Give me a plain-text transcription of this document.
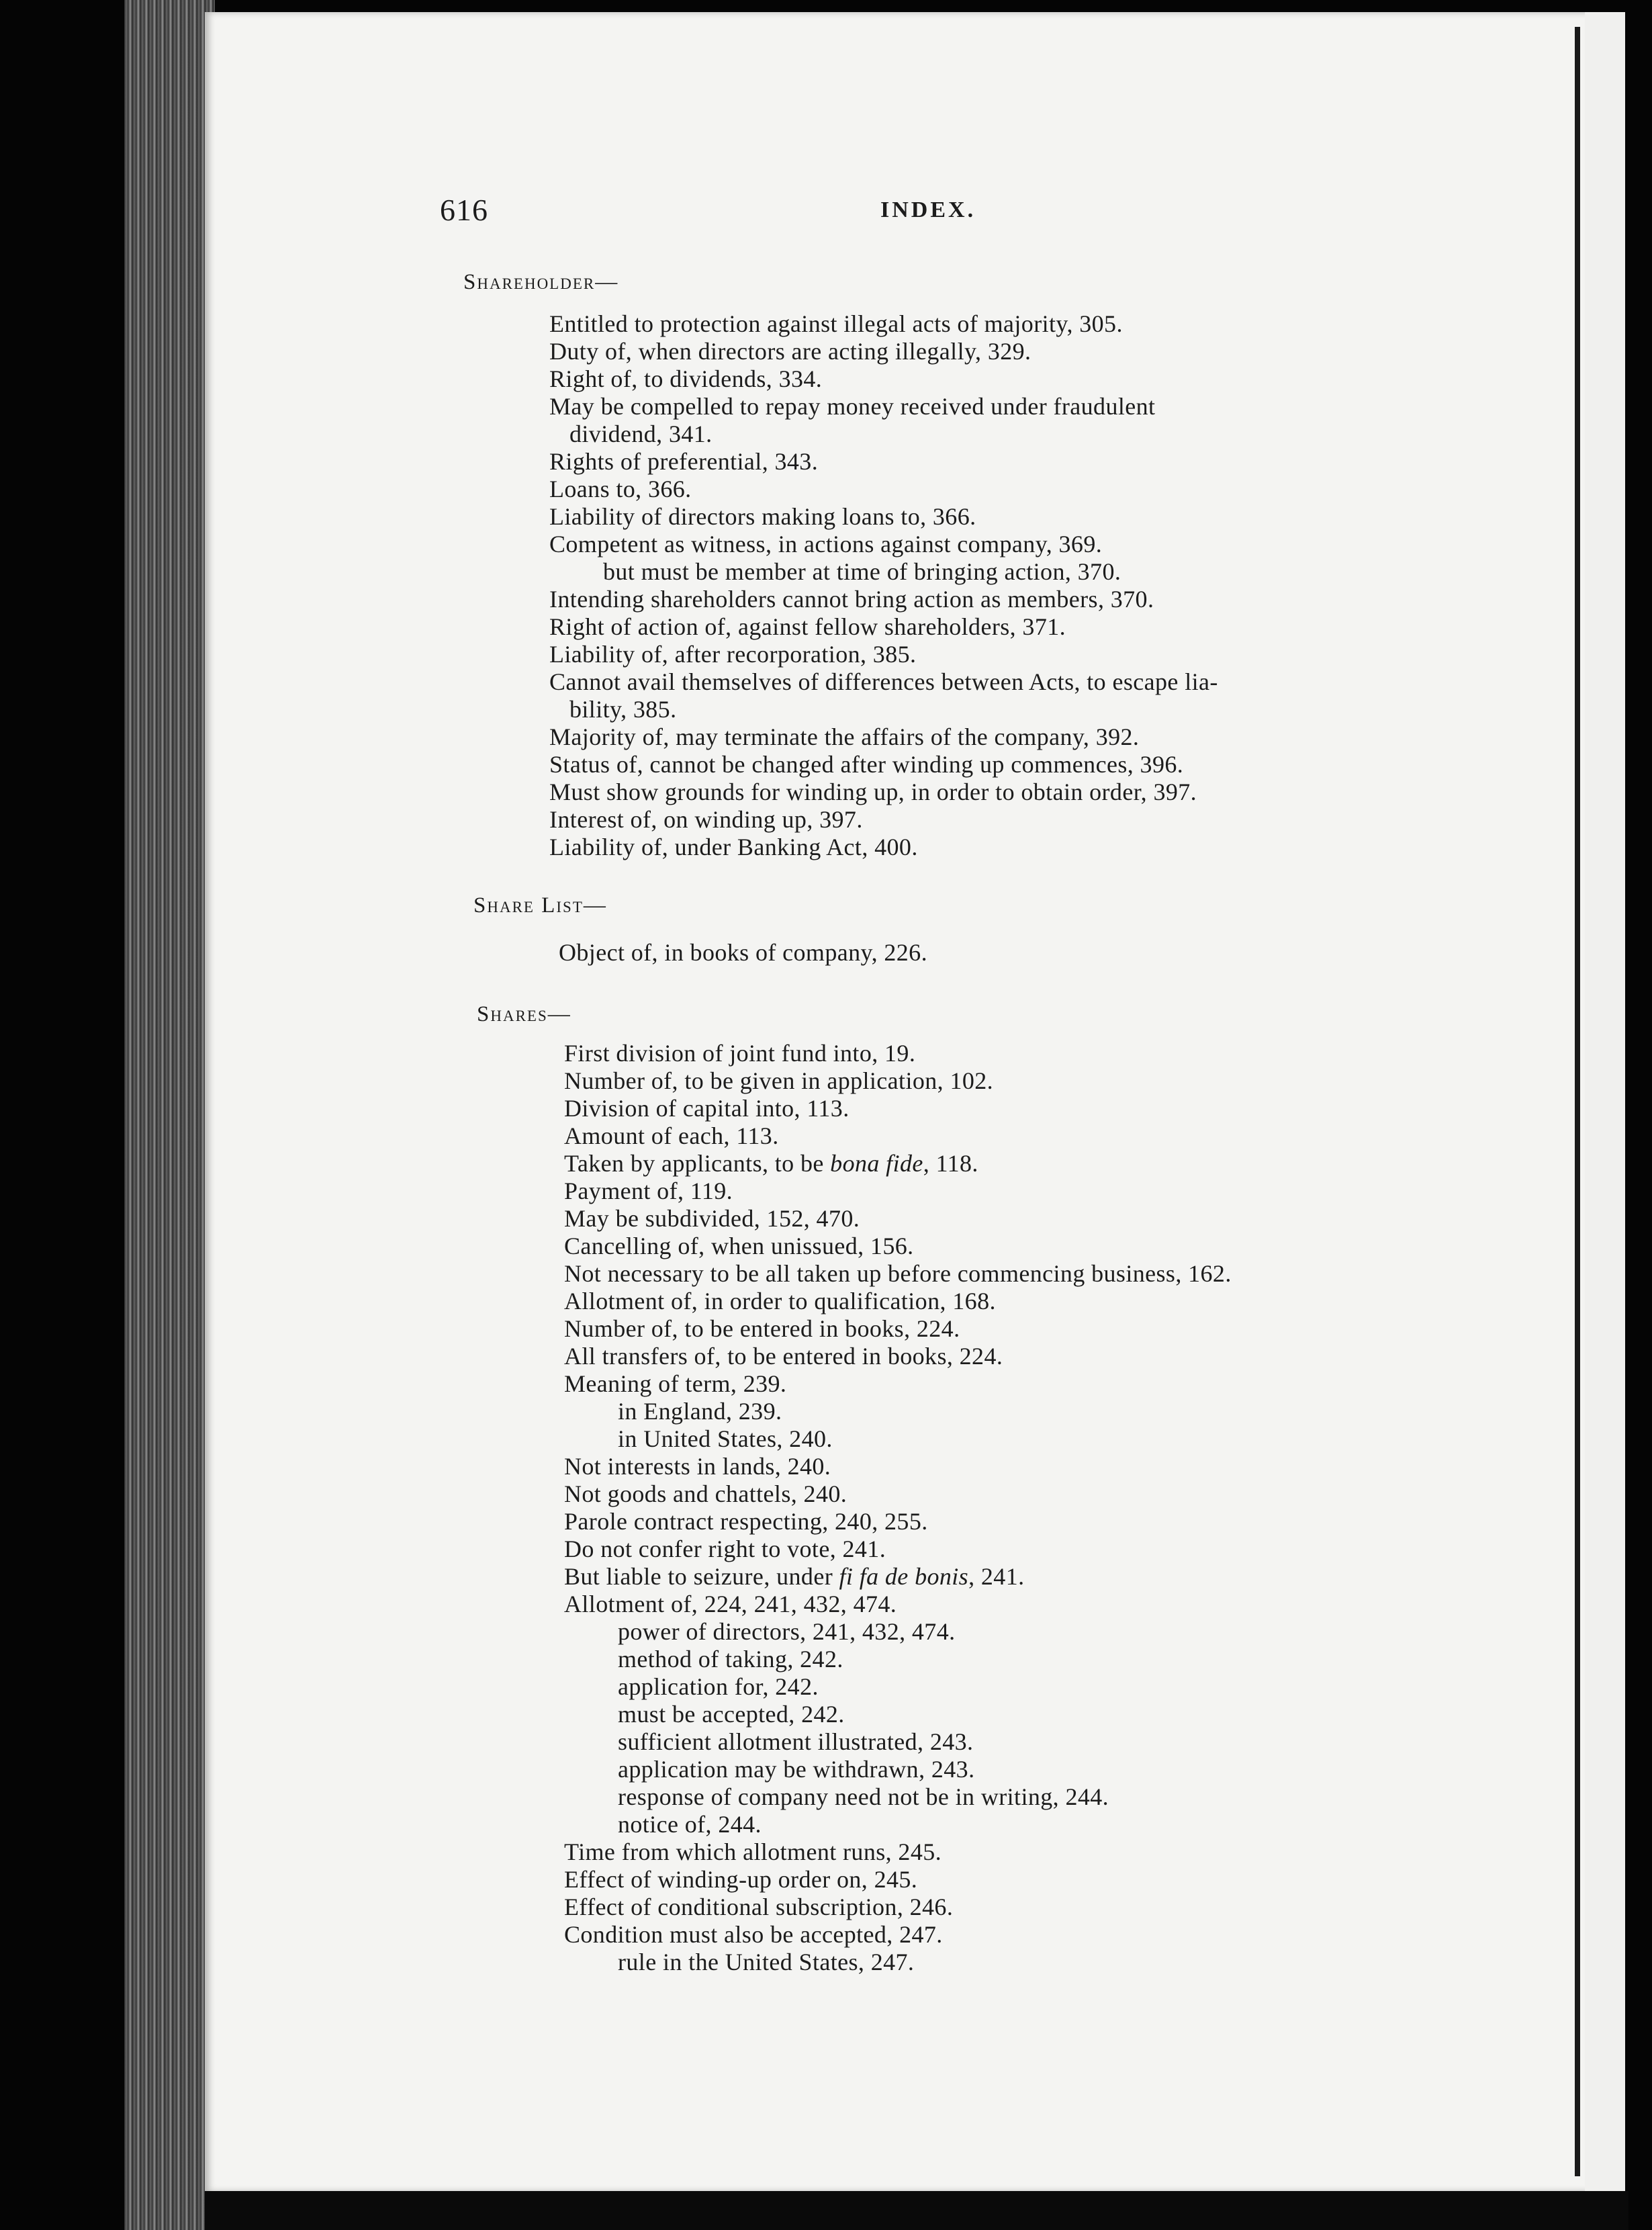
616	INDEX.
Shareholder—
Entitled to protection against illegal acts of majority, 305.
Duty of, when directors are acting illegally, 329.
Right of, to dividends, 334.
May be compelled to repay money received under fraudulent
dividend, 341.
Rights of preferential, 343.
Loans to, 366.
Liability of directors making loans to, 366.
Competent as witness, in actions against company, 369.
but must be member at time of bringing action, 370.
Intending shareholders cannot bring action as members, 370.
Right of action of, against fellow shareholders, 371.
Liability of, after recorporation, 385.
Cannot avail themselves of differences between Acts, to escape lia-
bility, 385.
Majority of, may terminate the affairs of the company, 392.
Status of, cannot be changed after winding up commences, 396.
Must show grounds for winding up, in order to obtain order, 397.
Interest of, on winding up, 397.
Liability of, under Banking Act, 400.
Share List—
Object of, in books of company, 226.
Shares—
First division of joint fund into, 19.
Number of, to be given in application, 102.
Division of capital into, 113.
Amount of each, 113.
Taken by applicants, to be bona fide, 118.
Payment of, 119.
May be subdivided, 152, 470.
Cancelling of, when unissued, 156.
Not necessary to be all taken up before commencing business, 162.
Allotment of, in order to qualification, 168.
Number of, to be entered in books, 224.
All transfers of, to be entered in books, 224.
Meaning of term, 239.
in England, 239.
in United States, 240.
Not interests in lands, 240.
Not goods and chattels, 240.
Parole contract respecting, 240, 255.
Do not confer right to vote, 241.
But liable to seizure, under fi fa de bonis, 241.
Allotment of, 224, 241, 432, 474.
power of directors, 241, 432, 474.
method of taking, 242.
application for, 242.
must be accepted, 242.
sufficient allotment illustrated, 243.
application may be withdrawn, 243.
response of company need not be in writing, 244.
notice of, 244.
Time from which allotment runs, 245.
Effect of winding-up order on, 245.
Effect of conditional subscription, 246.
Condition must also be accepted, 247.
rule in the United States, 247.
